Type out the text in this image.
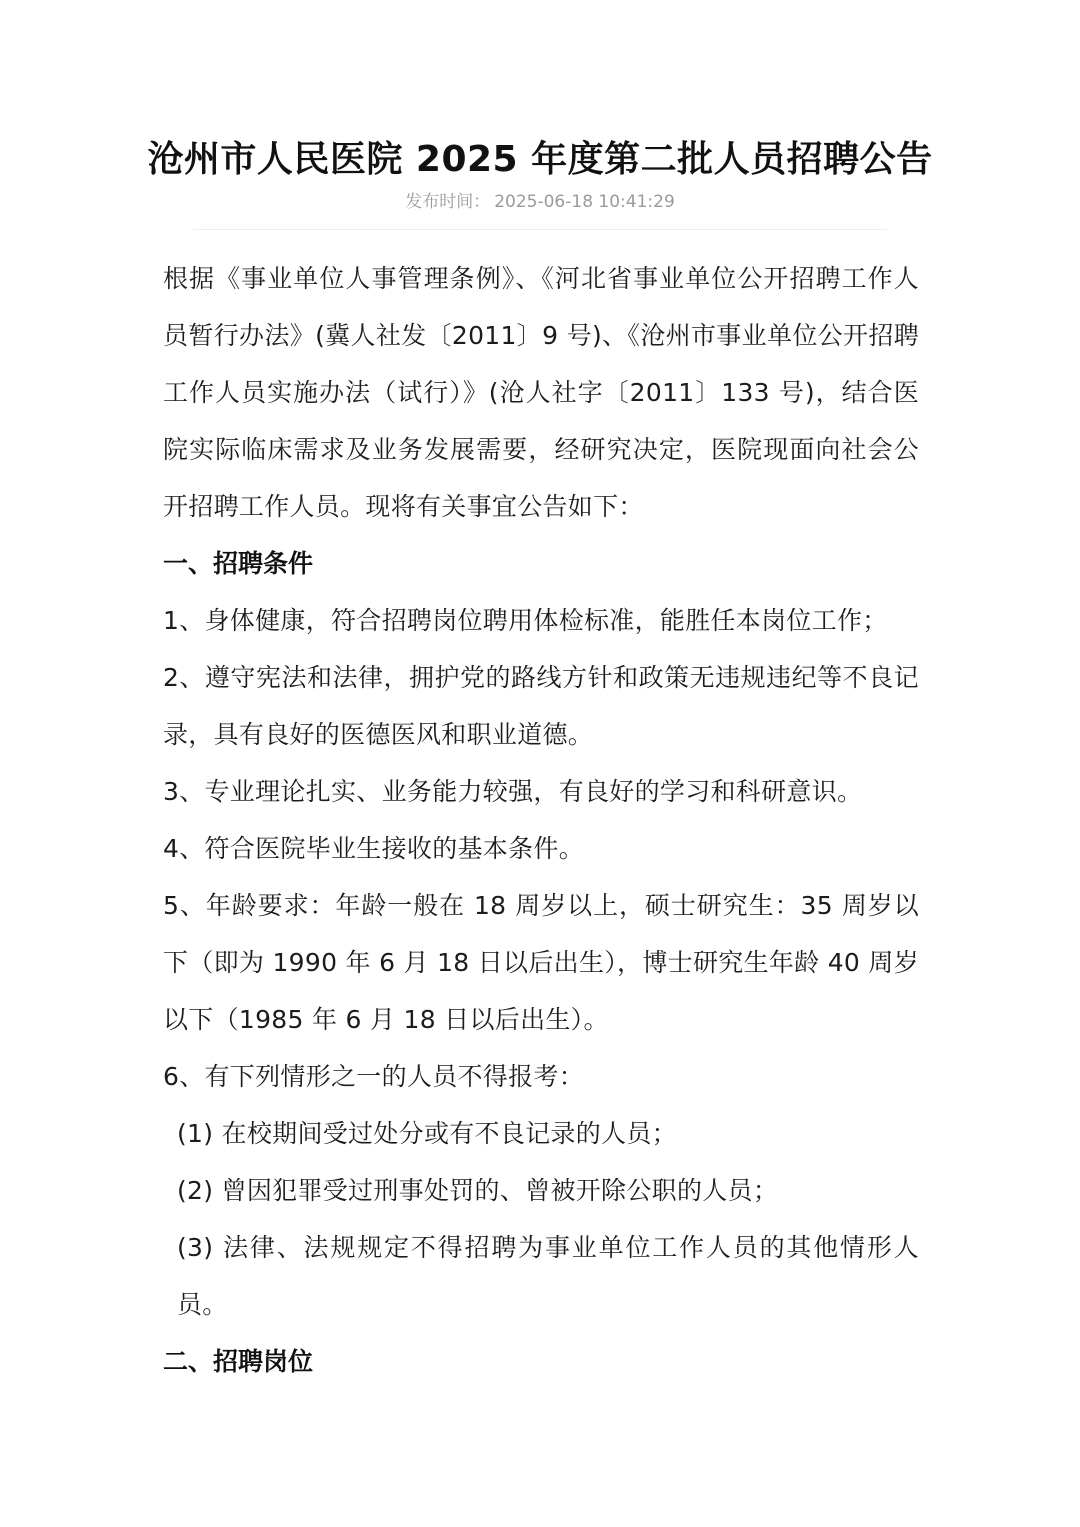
沧州市人民医院 2025 年度第二批人员招聘公告
发布时间： 2025-06-18 10:41:29

根据《事业单位人事管理条例》、《河北省事业单位公开招聘工作人员暂行办法》(冀人社发〔2011〕9 号)、《沧州市事业单位公开招聘工作人员实施办法（试行）》(沧人社字〔2011〕133 号)，结合医院实际临床需求及业务发展需要，经研究决定，医院现面向社会公开招聘工作人员。现将有关事宜公告如下：

一、招聘条件

1、身体健康，符合招聘岗位聘用体检标准，能胜任本岗位工作；

2、遵守宪法和法律，拥护党的路线方针和政策无违规违纪等不良记录，具有良好的医德医风和职业道德。

3、专业理论扎实、业务能力较强，有良好的学习和科研意识。

4、符合医院毕业生接收的基本条件。

5、年龄要求：年龄一般在 18 周岁以上，硕士研究生：35 周岁以下（即为 1990 年 6 月 18 日以后出生），博士研究生年龄 40 周岁以下（1985 年 6 月 18 日以后出生）。

6、有下列情形之一的人员不得报考：

(1) 在校期间受过处分或有不良记录的人员；

(2) 曾因犯罪受过刑事处罚的、曾被开除公职的人员；

(3) 法律、法规规定不得招聘为事业单位工作人员的其他情形人员。

二、招聘岗位
